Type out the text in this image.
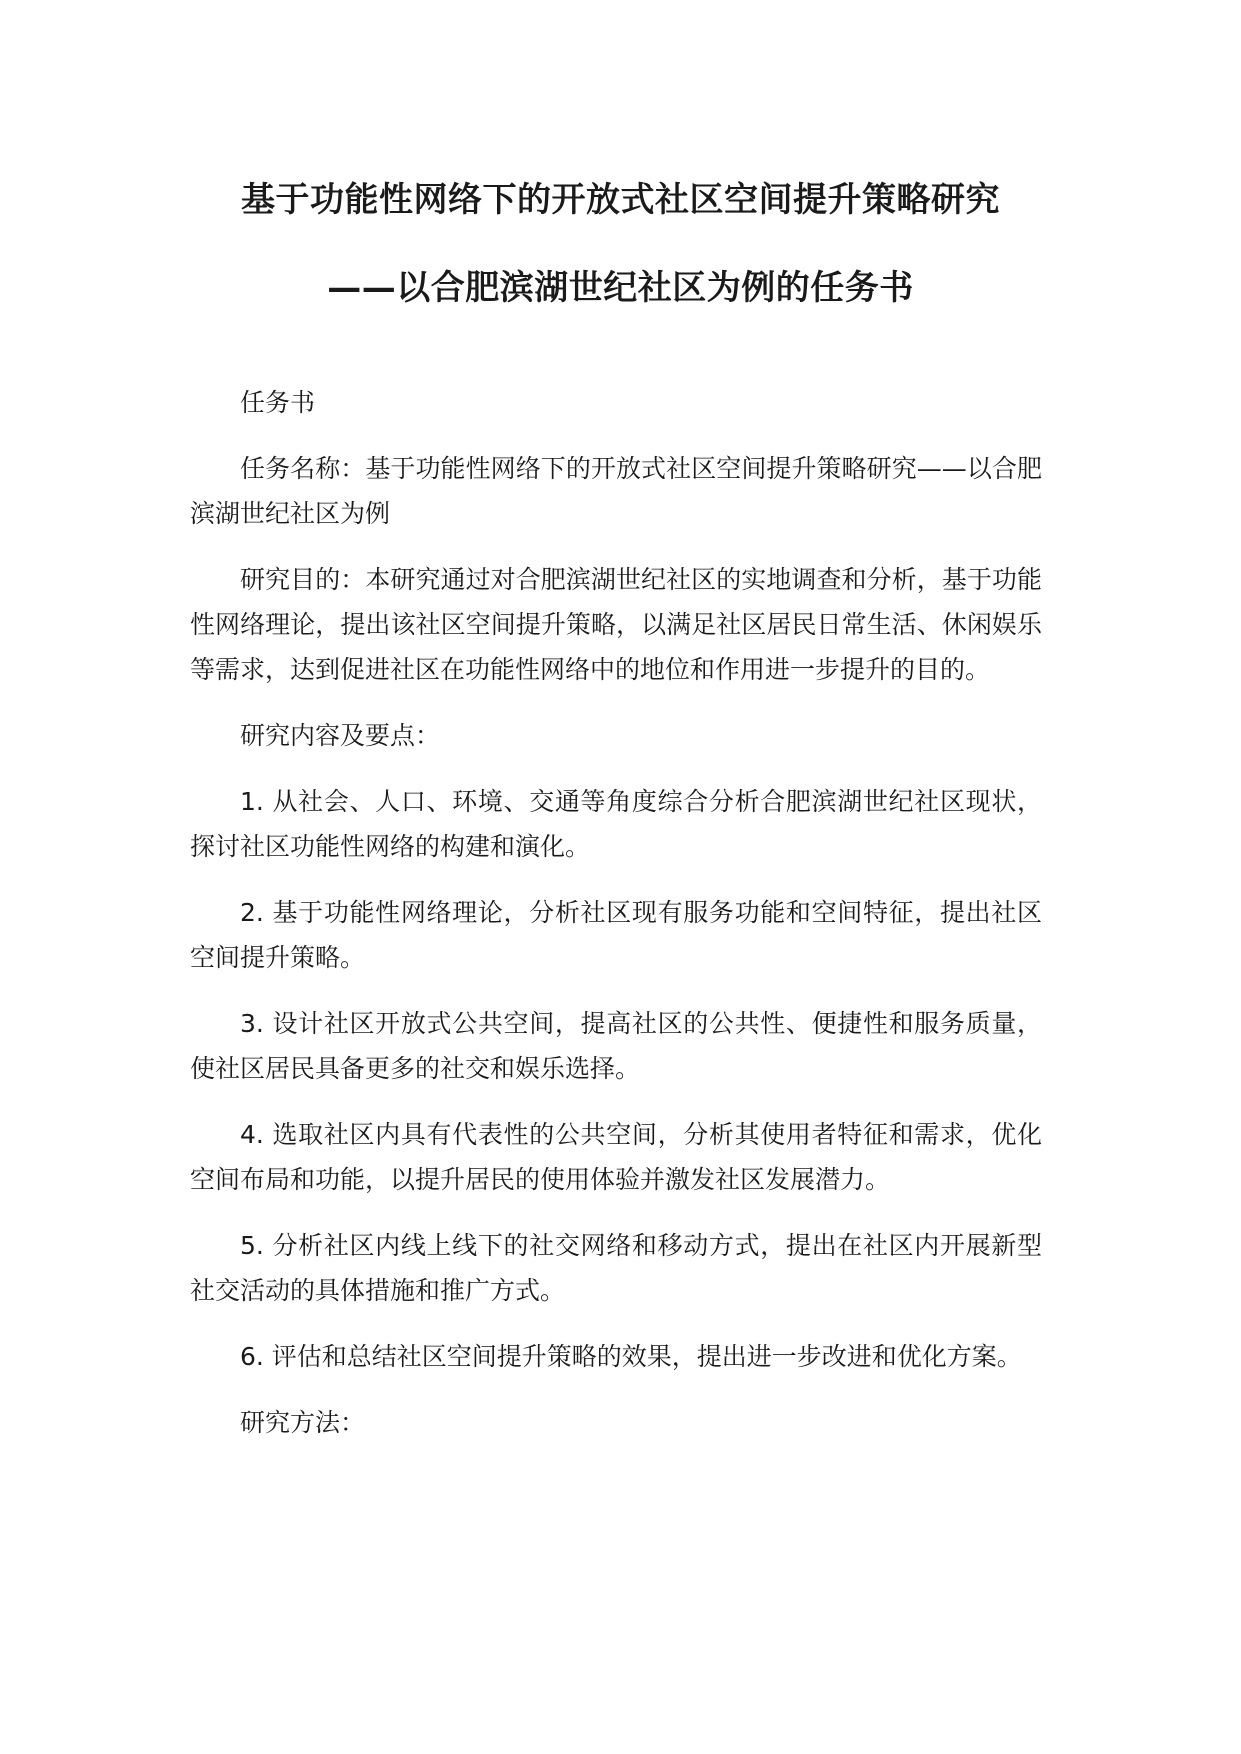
基于功能性网络下的开放式社区空间提升策略研究
——以合肥滨湖世纪社区为例的任务书

任务书

任务名称：基于功能性网络下的开放式社区空间提升策略研究——以合肥滨湖世纪社区为例

研究目的：本研究通过对合肥滨湖世纪社区的实地调查和分析，基于功能性网络理论，提出该社区空间提升策略，以满足社区居民日常生活、休闲娱乐等需求，达到促进社区在功能性网络中的地位和作用进一步提升的目的。

研究内容及要点：

1. 从社会、人口、环境、交通等角度综合分析合肥滨湖世纪社区现状，探讨社区功能性网络的构建和演化。

2. 基于功能性网络理论，分析社区现有服务功能和空间特征，提出社区空间提升策略。

3. 设计社区开放式公共空间，提高社区的公共性、便捷性和服务质量，使社区居民具备更多的社交和娱乐选择。

4. 选取社区内具有代表性的公共空间，分析其使用者特征和需求，优化空间布局和功能，以提升居民的使用体验并激发社区发展潜力。

5. 分析社区内线上线下的社交网络和移动方式，提出在社区内开展新型社交活动的具体措施和推广方式。

6. 评估和总结社区空间提升策略的效果，提出进一步改进和优化方案。

研究方法：
